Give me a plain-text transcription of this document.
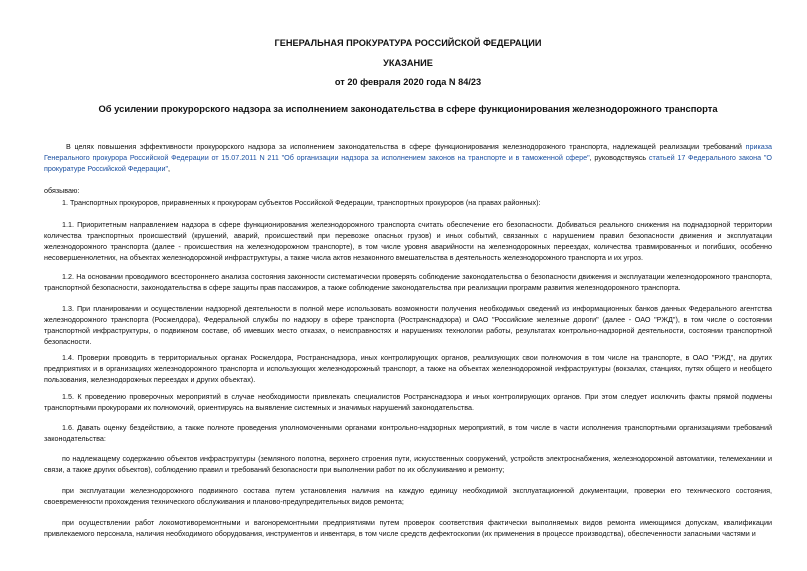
ГЕНЕРАЛЬНАЯ ПРОКУРАТУРА РОССИЙСКОЙ ФЕДЕРАЦИИ
УКАЗАНИЕ
от 20 февраля 2020 года N 84/23
Об усилении прокурорского надзора за исполнением законодательства в сфере функционирования железнодорожного транспорта
В целях повышения эффективности прокурорского надзора за исполнением законодательства в сфере функционирования железнодорожного транспорта, надлежащей реализации требований приказа Генерального прокурора Российской Федерации от 15.07.2011 N 211 "Об организации надзора за исполнением законов на транспорте и в таможенной сфере", руководствуясь статьей 17 Федерального закона "О прокуратуре Российской Федерации",
обязываю:
1. Транспортных прокуроров, приравненных к прокурорам субъектов Российской Федерации, транспортных прокуроров (на правах районных):
1.1. Приоритетным направлением надзора в сфере функционирования железнодорожного транспорта считать обеспечение его безопасности. Добиваться реального снижения на поднадзорной территории количества транспортных происшествий (крушений, аварий, происшествий при перевозке опасных грузов) и иных событий, связанных с нарушением правил безопасности движения и эксплуатации железнодорожного транспорта (далее - происшествия на железнодорожном транспорте), в том числе уровня аварийности на железнодорожных переездах, количества травмированных и погибших, особенно несовершеннолетних, на объектах железнодорожной инфраструктуры, а также числа актов незаконного вмешательства в деятельность железнодорожного транспорта и их угроз.
1.2. На основании проводимого всестороннего анализа состояния законности систематически проверять соблюдение законодательства о безопасности движения и эксплуатации железнодорожного транспорта, транспортной безопасности, законодательства в сфере защиты прав пассажиров, а также соблюдение законодательства при реализации программ развития железнодорожного транспорта.
1.3. При планировании и осуществлении надзорной деятельности в полной мере использовать возможности получения необходимых сведений из информационных банков данных Федерального агентства железнодорожного транспорта (Росжелдора), Федеральной службы по надзору в сфере транспорта (Ространснадзора) и ОАО "Российские железные дороги" (далее - ОАО "РЖД"), в том числе о состоянии транспортной инфраструктуры, о подвижном составе, об имевших место отказах, о неисправностях и нарушениях технологии работы, результатах контрольно-надзорной деятельности, состоянии транспортной безопасности.
1.4. Проверки проводить в территориальных органах Росжелдора, Ространснадзора, иных контролирующих органов, реализующих свои полномочия в том числе на транспорте, в ОАО "РЖД", на других предприятиях и в организациях железнодорожного транспорта и использующих железнодорожный транспорт, а также на объектах железнодорожной инфраструктуры (вокзалах, станциях, путях общего и необщего пользования, железнодорожных переездах и других объектах).
1.5. К проведению проверочных мероприятий в случае необходимости привлекать специалистов Ространснадзора и иных контролирующих органов. При этом следует исключить факты прямой подмены транспортными прокурорами их полномочий, ориентируясь на выявление системных и значимых нарушений законодательства.
1.6. Давать оценку бездействию, а также полноте проведения уполномоченными органами контрольно-надзорных мероприятий, в том числе в части исполнения транспортными организациями требований законодательства:
по надлежащему содержанию объектов инфраструктуры (земляного полотна, верхнего строения пути, искусственных сооружений, устройств электроснабжения, железнодорожной автоматики, телемеханики и связи, а также других объектов), соблюдению правил и требований безопасности при выполнении работ по их обслуживанию и ремонту;
при эксплуатации железнодорожного подвижного состава путем установления наличия на каждую единицу необходимой эксплуатационной документации, проверки его технического состояния, своевременности прохождения технического обслуживания и планово-предупредительных видов ремонта;
при осуществлении работ локомотиворемонтными и вагоноремонтными предприятиями путем проверок соответствия фактически выполняемых видов ремонта имеющимся допускам, квалификации привлекаемого персонала, наличия необходимого оборудования, инструментов и инвентаря, в том числе средств дефектоскопии (их применения в процессе производства), обеспеченности запасными частями и
